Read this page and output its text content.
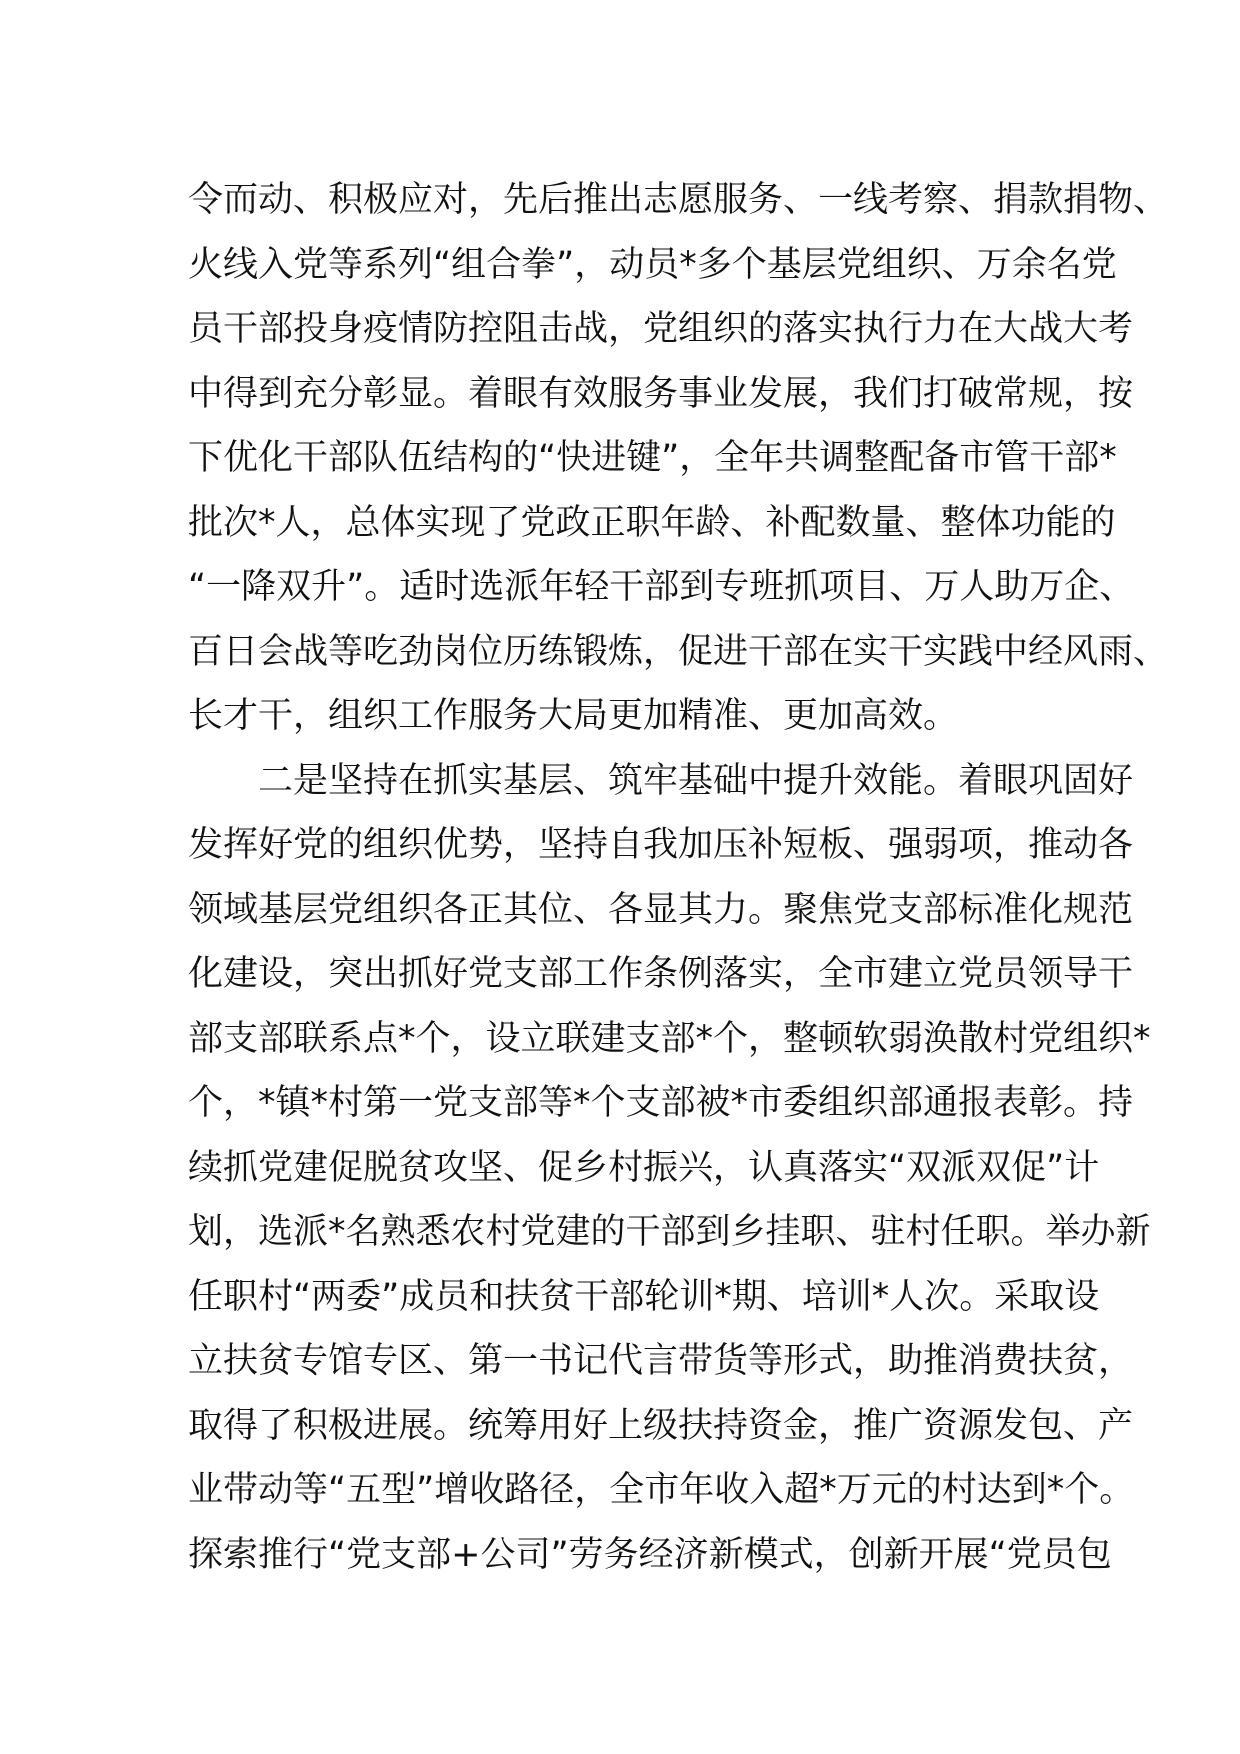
令而动、积极应对，先后推出志愿服务、一线考察、捐款捐物、
火线入党等系列“组合拳”，动员*多个基层党组织、万余名党
员干部投身疫情防控阻击战，党组织的落实执行力在大战大考
中得到充分彰显。着眼有效服务事业发展，我们打破常规，按
下优化干部队伍结构的“快进键”，全年共调整配备市管干部*
批次*人，总体实现了党政正职年龄、补配数量、整体功能的
“一降双升”。适时选派年轻干部到专班抓项目、万人助万企、
百日会战等吃劲岗位历练锻炼，促进干部在实干实践中经风雨、
长才干，组织工作服务大局更加精准、更加高效。
　　二是坚持在抓实基层、筑牢基础中提升效能。着眼巩固好
发挥好党的组织优势，坚持自我加压补短板、强弱项，推动各
领域基层党组织各正其位、各显其力。聚焦党支部标准化规范
化建设，突出抓好党支部工作条例落实，全市建立党员领导干
部支部联系点*个，设立联建支部*个，整顿软弱涣散村党组织*
个，*镇*村第一党支部等*个支部被*市委组织部通报表彰。持
续抓党建促脱贫攻坚、促乡村振兴，认真落实“双派双促”计
划，选派*名熟悉农村党建的干部到乡挂职、驻村任职。举办新
任职村“两委”成员和扶贫干部轮训*期、培训*人次。采取设
立扶贫专馆专区、第一书记代言带货等形式，助推消费扶贫，
取得了积极进展。统筹用好上级扶持资金，推广资源发包、产
业带动等“五型”增收路径，全市年收入超*万元的村达到*个。
探索推行“党支部+公司”劳务经济新模式，创新开展“党员包
